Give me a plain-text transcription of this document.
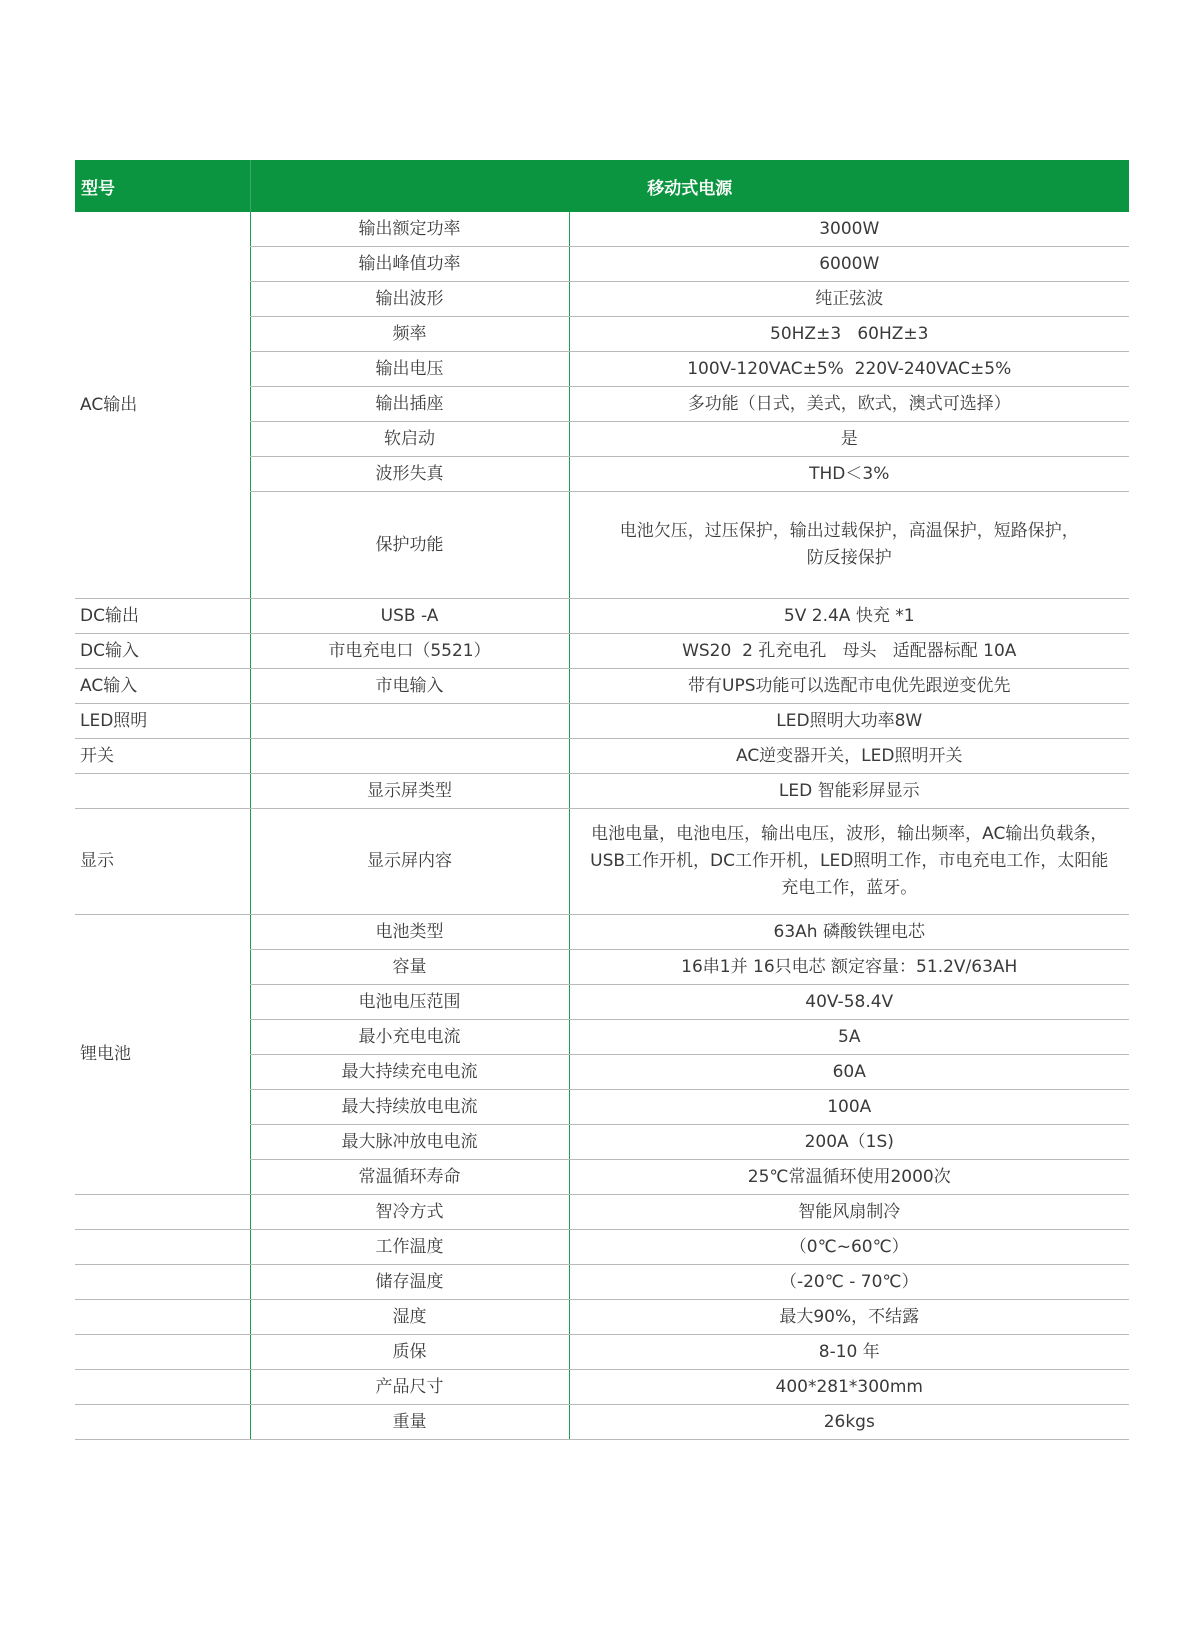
型号	移动式电源	
AC输出	输出额定功率	3000W

	输出峰值功率	6000W

	输出波形	纯正弦波

	频率	50HZ±3   60HZ±3

	输出电压	100V-120VAC±5%  220V-240VAC±5%

	输出插座	多功能（日式，美式，欧式，澳式可选择）

	软启动	是

	波形失真	THD＜3%

	保护功能	电池欠压，过压保护，输出过载保护，高温保护，短路保护，
防反接保护

DC输出	USB -A	5V 2.4A 快充 *1

DC输入	市电充电口（5521）	WS20  2 孔充电孔   母头   适配器标配 10A

AC输入	市电输入	带有UPS功能可以选配市电优先跟逆变优先

LED照明		LED照明大功率8W

开关		AC逆变器开关，LED照明开关

	显示屏类型	LED 智能彩屏显示

显示	显示屏内容	电池电量，电池电压，输出电压，波形，输出频率，AC输出负载条，
USB工作开机，DC工作开机，LED照明工作，市电充电工作，太阳能
充电工作，蓝牙。

锂电池	电池类型	63Ah 磷酸铁锂电芯

	容量	16串1并 16只电芯 额定容量：51.2V/63AH

	电池电压范围	40V-58.4V

	最小充电电流	5A

	最大持续充电电流	60A

	最大持续放电电流	100A

	最大脉冲放电电流	200A（1S)

	常温循环寿命	25℃常温循环使用2000次

	智冷方式	智能风扇制冷

	工作温度	（0℃~60℃）

	储存温度	（-20℃ - 70℃）

	湿度	最大90%，不结露

	质保	8-10 年

	产品尺寸	400*281*300mm

	重量	26kgs
